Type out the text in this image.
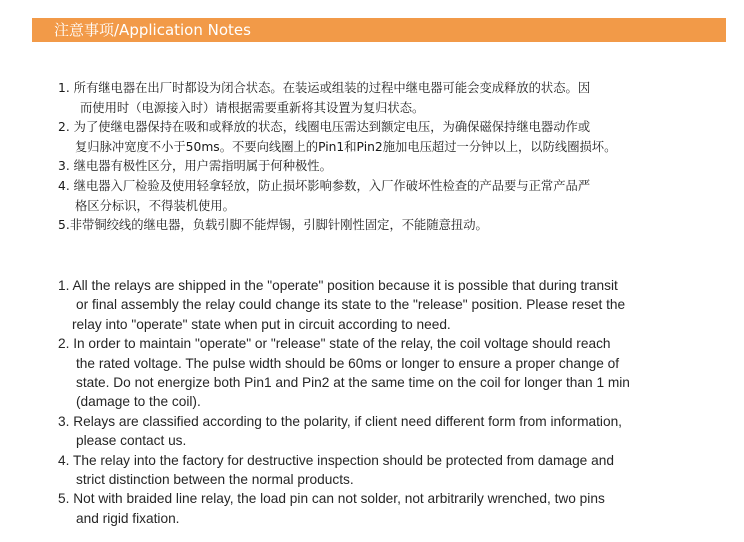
注意事项/Application Notes
1. 所有继电器在出厂时都设为闭合状态。在装运或组装的过程中继电器可能会变成释放的状态。因
而使用时（电源接入时）请根据需要重新将其设置为复归状态。
2. 为了使继电器保持在吸和或释放的状态，线圈电压需达到额定电压，为确保磁保持继电器动作或
复归脉冲宽度不小于50ms。不要向线圈上的Pin1和Pin2施加电压超过一分钟以上，以防线圈损坏。
3. 继电器有极性区分，用户需指明属于何种极性。
4. 继电器入厂检验及使用轻拿轻放，防止损坏影响参数，入厂作破坏性检查的产品要与正常产品严
格区分标识，不得装机使用。
5.非带铜绞线的继电器，负载引脚不能焊锡，引脚针刚性固定，不能随意扭动。
1. All the relays are shipped in the "operate" position because it is possible that during transit
or final assembly the relay could change its state to the "release" position. Please reset the
relay into "operate" state when put in circuit according to need.
2. In order to maintain "operate" or "release" state of the relay, the coil voltage should reach
the rated voltage. The pulse width should be 60ms or longer to ensure a proper change of
state. Do not energize both Pin1 and Pin2 at the same time on the coil for longer than 1 min
(damage to the coil).
3. Relays are classified according to the polarity, if client need different form from information,
please contact us.
4. The relay into the factory for destructive inspection should be protected from damage and
strict distinction between the normal products.
5. Not with braided line relay, the load pin can not solder, not arbitrarily wrenched, two pins
and rigid fixation.
